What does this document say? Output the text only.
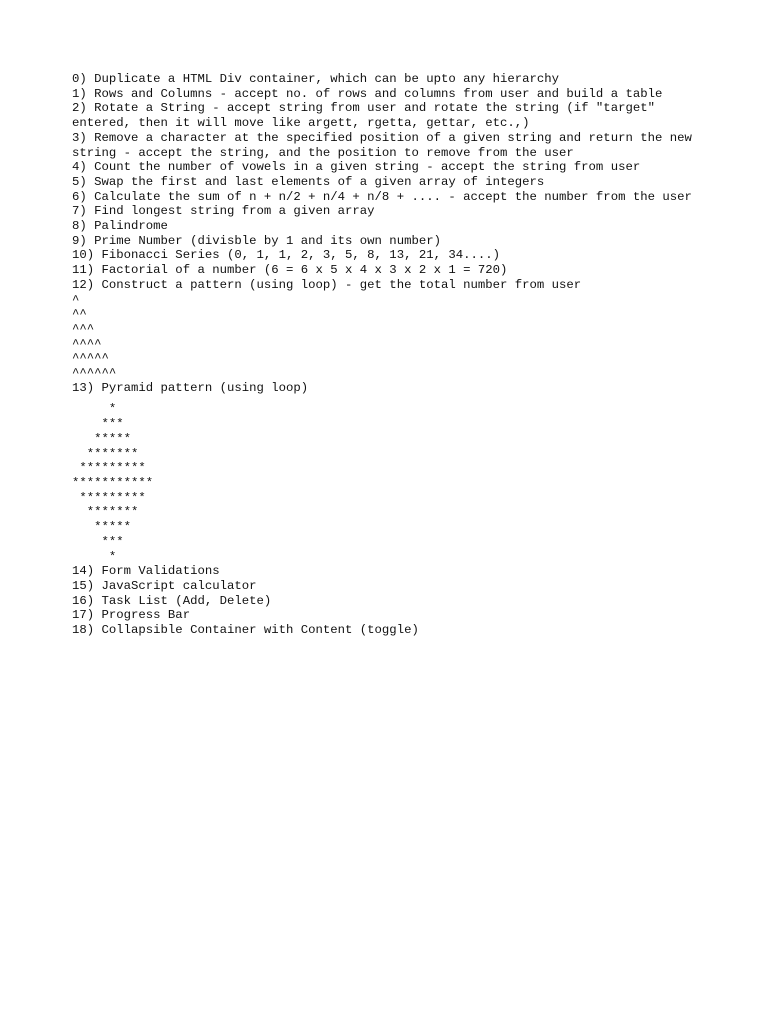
0) Duplicate a HTML Div container, which can be upto any hierarchy
1) Rows and Columns - accept no. of rows and columns from user and build a table
2) Rotate a String - accept string from user and rotate the string (if "target" entered, then it will move like argett, rgetta, gettar, etc.,)
3) Remove a character at the specified position of a given string and return the new string - accept the string, and the position to remove from the user
4) Count the number of vowels in a given string - accept the string from user
5) Swap the first and last elements of a given array of integers
6) Calculate the sum of n + n/2 + n/4 + n/8 + .... - accept the number from the user
7) Find longest string from a given array
8) Palindrome
9) Prime Number (divisble by 1 and its own number)
10) Fibonacci Series (0, 1, 1, 2, 3, 5, 8, 13, 21, 34....)
11) Factorial of a number (6 = 6 x 5 x 4 x 3 x 2 x 1 = 720)
12) Construct a pattern (using loop) - get the total number from user
^
^^
^^^
^^^^
^^^^^
^^^^^^
13) Pyramid pattern (using loop)
*
***
*****
*******
*********
***********
*********
*******
*****
***
*
14) Form Validations
15) JavaScript calculator
16) Task List (Add, Delete)
17) Progress Bar
18) Collapsible Container with Content (toggle)
